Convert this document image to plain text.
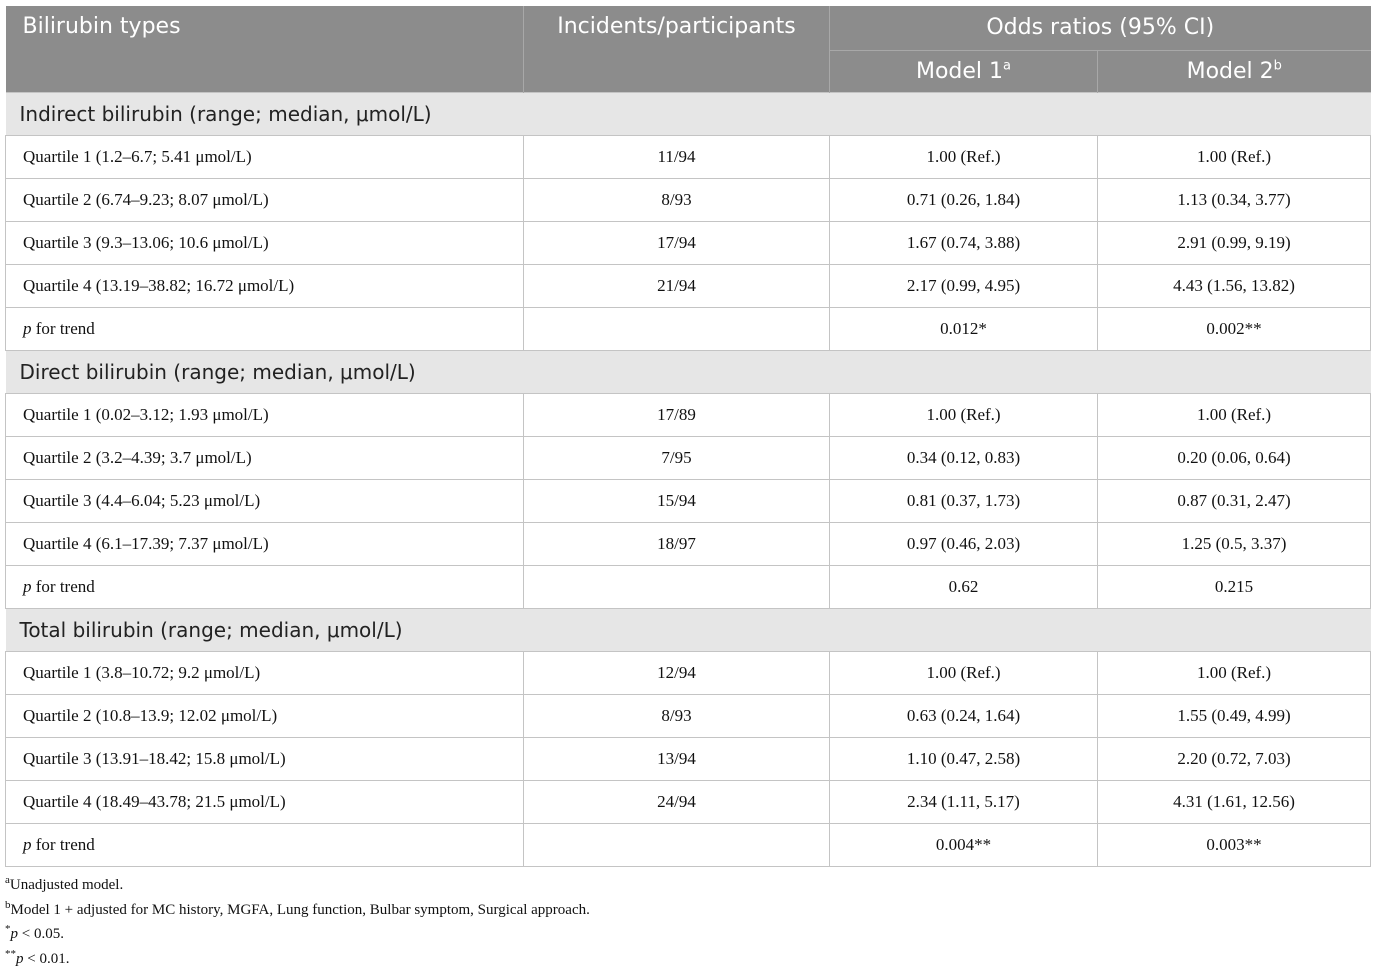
Bilirubin types	Incidents/participants	Odds ratios (95% CI)	
		Model 1$^a$	Model 2$^b$
Indirect bilirubin (range; median, μmol/L)			
Quartile 1 (1.2–6.7; 5.41 μmol/L)	11/94	1.00 (Ref.)	1.00 (Ref.)
Quartile 2 (6.74–9.23; 8.07 μmol/L)	8/93	0.71 (0.26, 1.84)	1.13 (0.34, 3.77)
Quartile 3 (9.3–13.06; 10.6 μmol/L)	17/94	1.67 (0.74, 3.88)	2.91 (0.99, 9.19)
Quartile 4 (13.19–38.82; 16.72 μmol/L)	21/94	2.17 (0.99, 4.95)	4.43 (1.56, 13.82)
p for trend		0.012*	0.002**
Direct bilirubin (range; median, μmol/L)			
Quartile 1 (0.02–3.12; 1.93 μmol/L)	17/89	1.00 (Ref.)	1.00 (Ref.)
Quartile 2 (3.2–4.39; 3.7 μmol/L)	7/95	0.34 (0.12, 0.83)	0.20 (0.06, 0.64)
Quartile 3 (4.4–6.04; 5.23 μmol/L)	15/94	0.81 (0.37, 1.73)	0.87 (0.31, 2.47)
Quartile 4 (6.1–17.39; 7.37 μmol/L)	18/97	0.97 (0.46, 2.03)	1.25 (0.5, 3.37)
p for trend		0.62	0.215
Total bilirubin (range; median, μmol/L)			
Quartile 1 (3.8–10.72; 9.2 μmol/L)	12/94	1.00 (Ref.)	1.00 (Ref.)
Quartile 2 (10.8–13.9; 12.02 μmol/L)	8/93	0.63 (0.24, 1.64)	1.55 (0.49, 4.99)
Quartile 3 (13.91–18.42; 15.8 μmol/L)	13/94	1.10 (0.47, 2.58)	2.20 (0.72, 7.03)
Quartile 4 (18.49–43.78; 21.5 μmol/L)	24/94	2.34 (1.11, 5.17)	4.31 (1.61, 12.56)
p for trend		0.004**	0.003**
$^a$Unadjusted model.
$^b$Model 1 + adjusted for MC history, MGFA, Lung function, Bulbar symptom, Surgical approach.
*p < 0.05.
**p < 0.01.
